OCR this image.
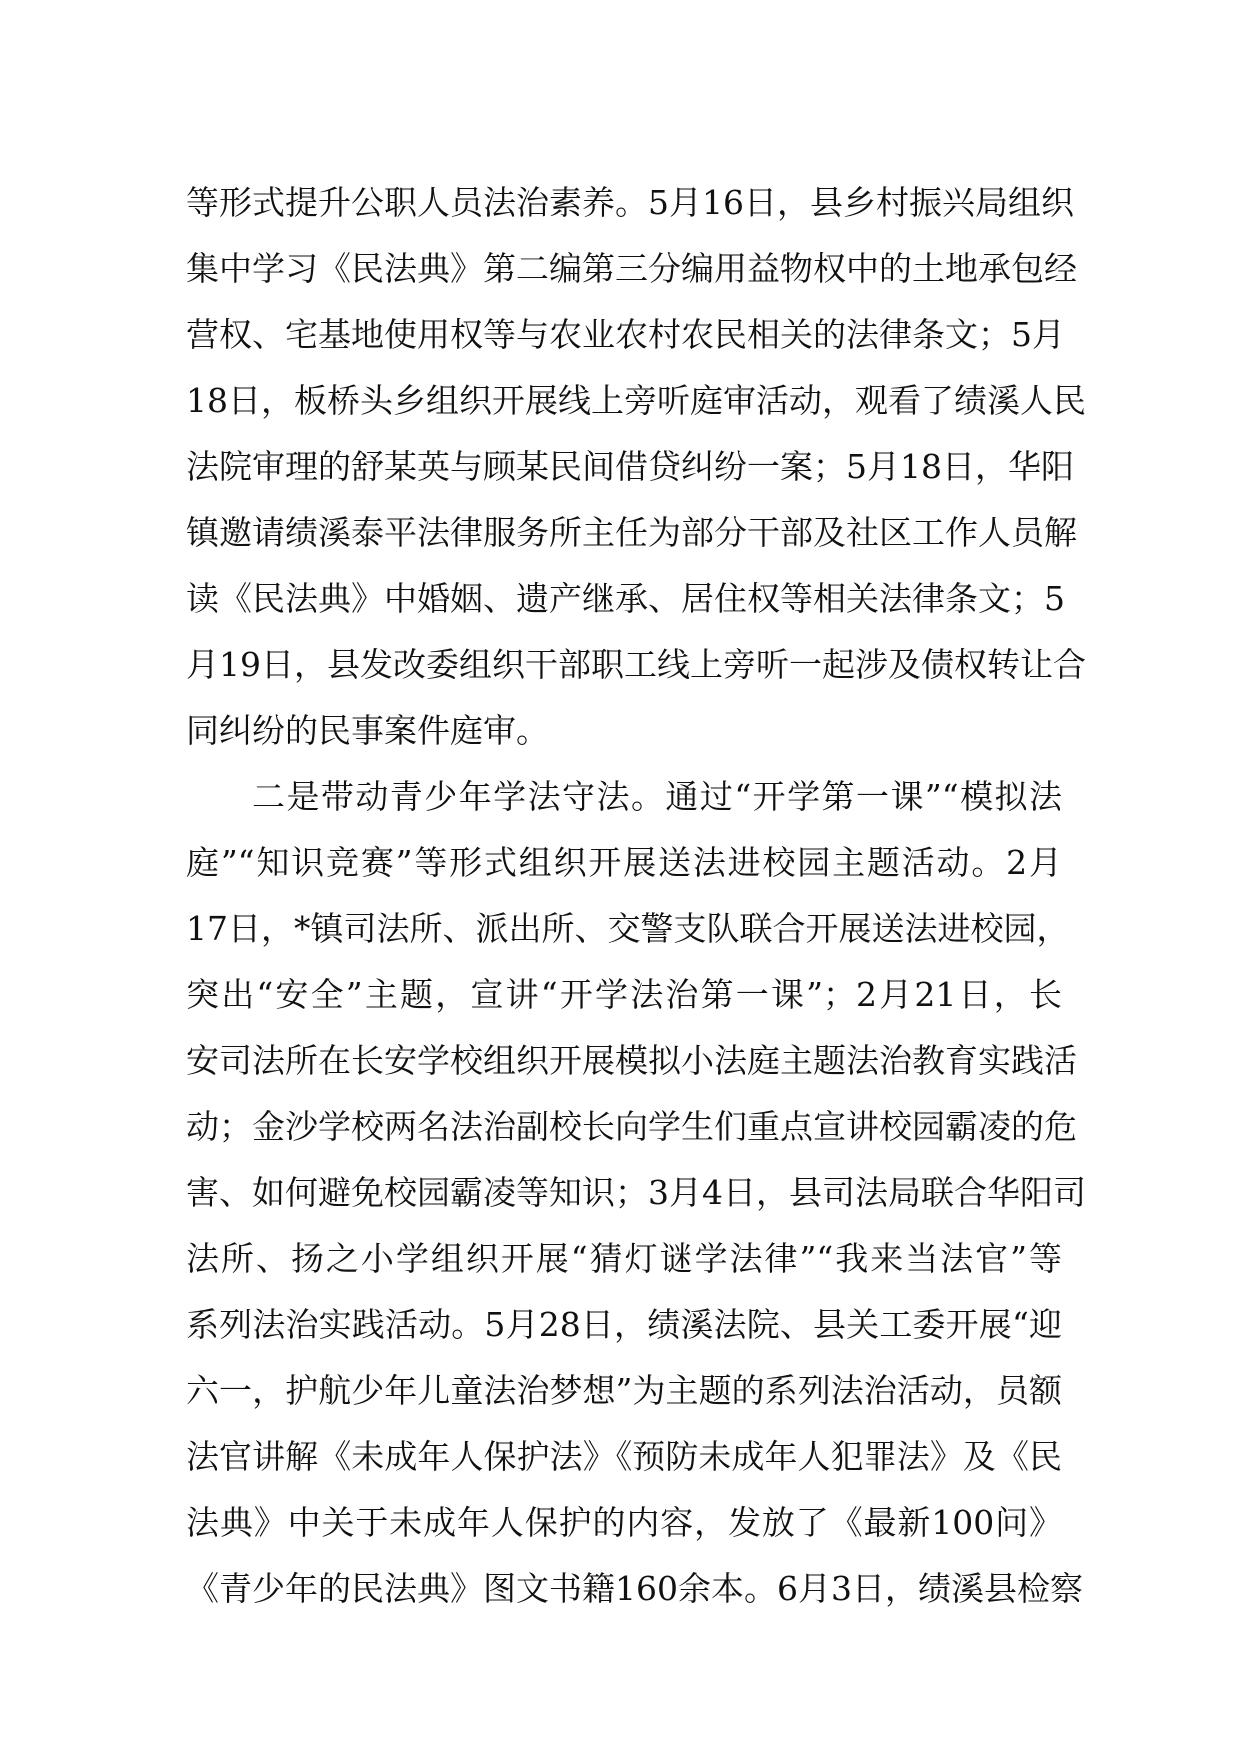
等形式提升公职人员法治素养。5月16日，县乡村振兴局组织
集中学习《民法典》第二编第三分编用益物权中的土地承包经
营权、宅基地使用权等与农业农村农民相关的法律条文；5月
18日，板桥头乡组织开展线上旁听庭审活动，观看了绩溪人民
法院审理的舒某英与顾某民间借贷纠纷一案；5月18日，华阳
镇邀请绩溪泰平法律服务所主任为部分干部及社区工作人员解
读《民法典》中婚姻、遗产继承、居住权等相关法律条文；5
月19日，县发改委组织干部职工线上旁听一起涉及债权转让合
同纠纷的民事案件庭审。
二是带动青少年学法守法。通过“开学第一课”“模拟法
庭”“知识竞赛”等形式组织开展送法进校园主题活动。2月
17日，*镇司法所、派出所、交警支队联合开展送法进校园，
突出“安全”主题，宣讲“开学法治第一课”；2月21日，长
安司法所在长安学校组织开展模拟小法庭主题法治教育实践活
动；金沙学校两名法治副校长向学生们重点宣讲校园霸凌的危
害、如何避免校园霸凌等知识；3月4日，县司法局联合华阳司
法所、扬之小学组织开展“猜灯谜学法律”“我来当法官”等
系列法治实践活动。5月28日，绩溪法院、县关工委开展“迎
六一，护航少年儿童法治梦想”为主题的系列法治活动，员额
法官讲解《未成年人保护法》《预防未成年人犯罪法》及《民
法典》中关于未成年人保护的内容，发放了《最新100问》
《青少年的民法典》图文书籍160余本。6月3日，绩溪县检察
